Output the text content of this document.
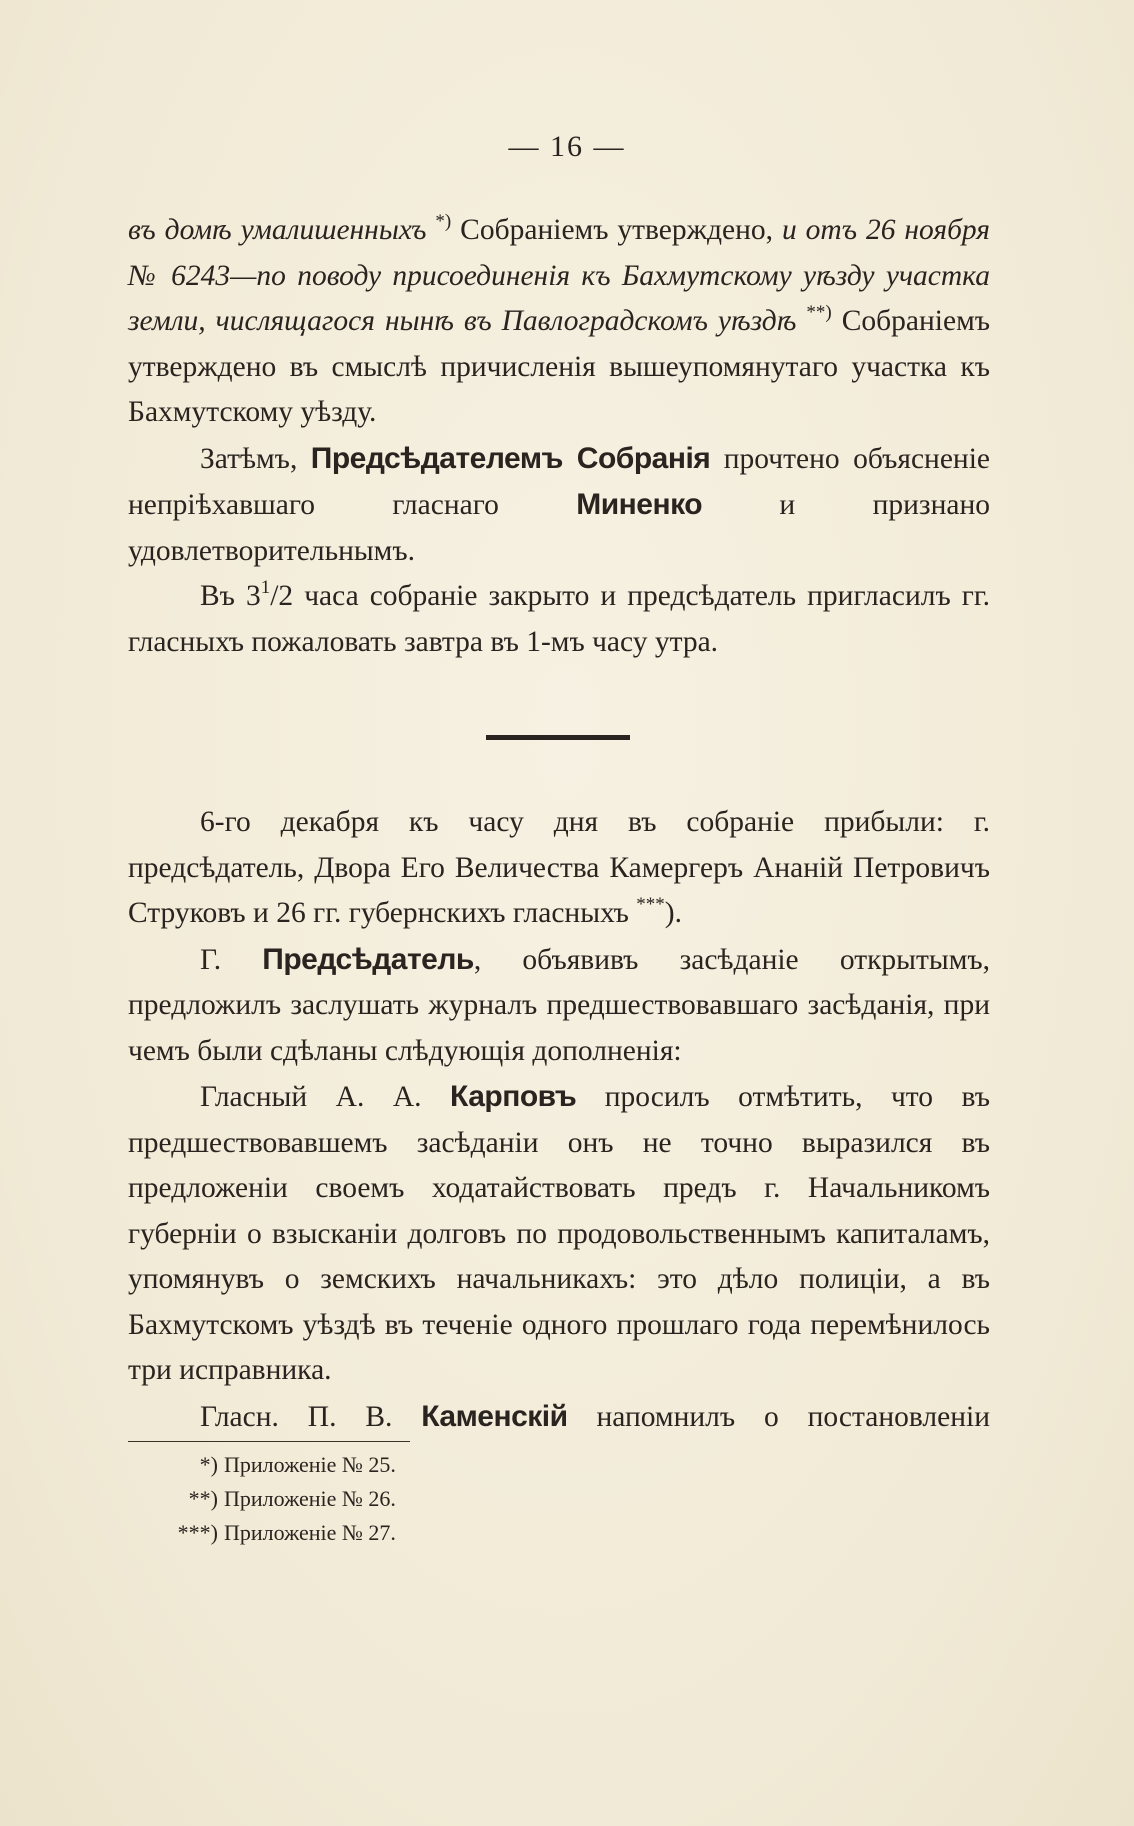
— 16 —

въ домѣ умалишенныхъ *) Собраніемъ утверждено, и отъ 26 ноября № 6243—по поводу присоединенія къ Бахмутскому уѣзду участка земли, числящагося нынѣ въ Павлоградскомъ уѣздѣ **) Собраніемъ утверждено въ смыслѣ причисленія вышеупомянутаго участка къ Бахмутскому уѣзду.

Затѣмъ, Предсѣдателемъ Собранія прочтено объясненіе непріѣхавшаго гласнаго Миненко и признано удовлетворительнымъ.

Въ $3^1/2$ часа собраніе закрыто и предсѣдатель пригласилъ гг. гласныхъ пожаловать завтра въ 1-мъ часу утра.

6-го декабря къ часу дня въ собраніе прибыли: г. предсѣдатель, Двора Его Величества Камергеръ Ананій Петровичъ Струковъ и 26 гг. губернскихъ гласныхъ ***).

Г. Предсѣдатель, объявивъ засѣданіе открытымъ, предложилъ заслушать журналъ предшествовавшаго засѣданія, при чемъ были сдѣланы слѣдующія дополненія:

Гласный А. А. Карповъ просилъ отмѣтить, что въ предшествовавшемъ засѣданіи онъ не точно выразился въ предложеніи своемъ ходатайствовать предъ г. Начальникомъ губерніи о взысканіи долговъ по продовольственнымъ капиталамъ, упомянувъ о земскихъ начальникахъ: это дѣло полиціи, а въ Бахмутскомъ уѣздѣ въ теченіе одного прошлаго года перемѣнилось три исправника.

Гласн. П. В. Каменскій напомнилъ о постановленіи

*) Приложеніе № 25.
**) Приложеніе № 26.
***) Приложеніе № 27.
